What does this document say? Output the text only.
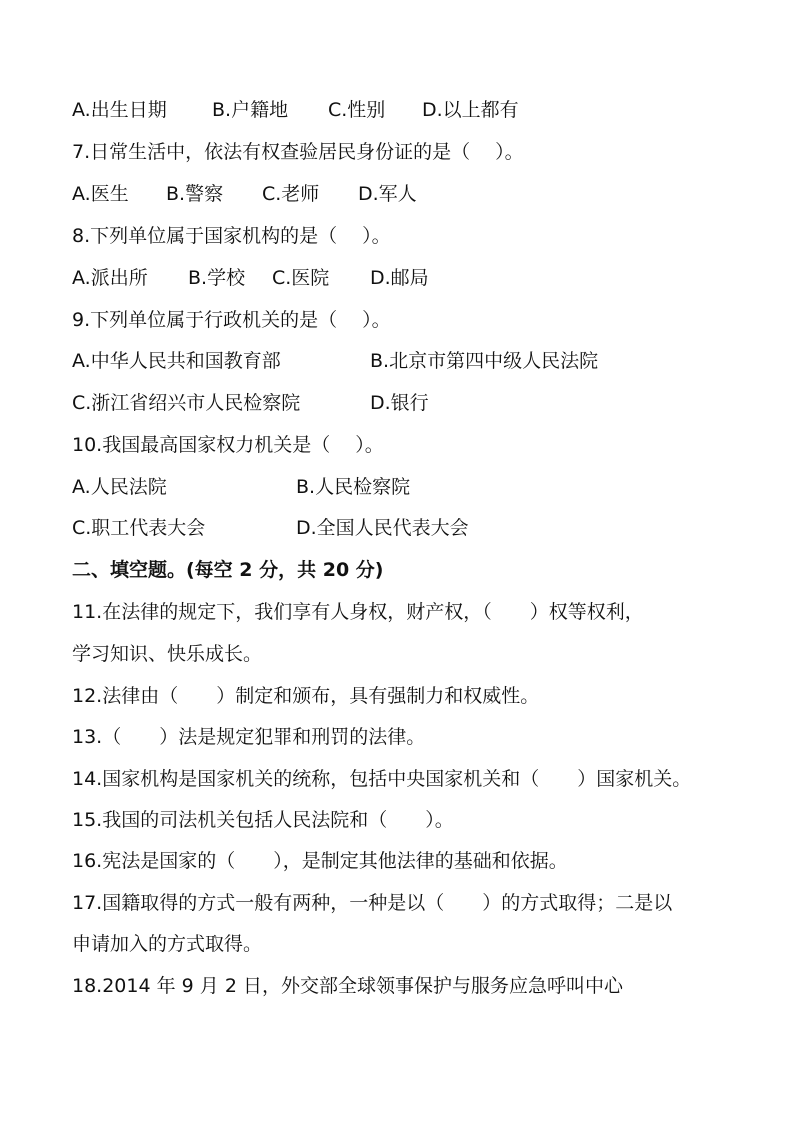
A.出生日期 B.户籍地 C.性别 D.以上都有
7.日常生活中，依法有权查验居民身份证的是（　 ）。
A.医生 B.警察 C.老师 D.军人
8.下列单位属于国家机构的是（　 ）。
A.派出所 B.学校 C.医院 D.邮局
9.下列单位属于行政机关的是（　 ）。
A.中华人民共和国教育部	B.北京市第四中级人民法院
C.浙江省绍兴市人民检察院	D.银行
10.我国最高国家权力机关是（　 ）。
A.人民法院	B.人民检察院
C.职工代表大会	D.全国人民代表大会
二、填空题。(每空 2 分，共 20 分)
11.在法律的规定下，我们享有人身权，财产权，（　　）权等权利，
学习知识、快乐成长。
12.法律由（　　）制定和颁布，具有强制力和权威性。
13.（　　）法是规定犯罪和刑罚的法律。
14.国家机构是国家机关的统称，包括中央国家机关和（　　）国家机关。
15.我国的司法机关包括人民法院和（　　）。
16.宪法是国家的（　　），是制定其他法律的基础和依据。
17.国籍取得的方式一般有两种，一种是以（　　）的方式取得；二是以
申请加入的方式取得。
18.2014 年 9 月 2 日，外交部全球领事保护与服务应急呼叫中心
